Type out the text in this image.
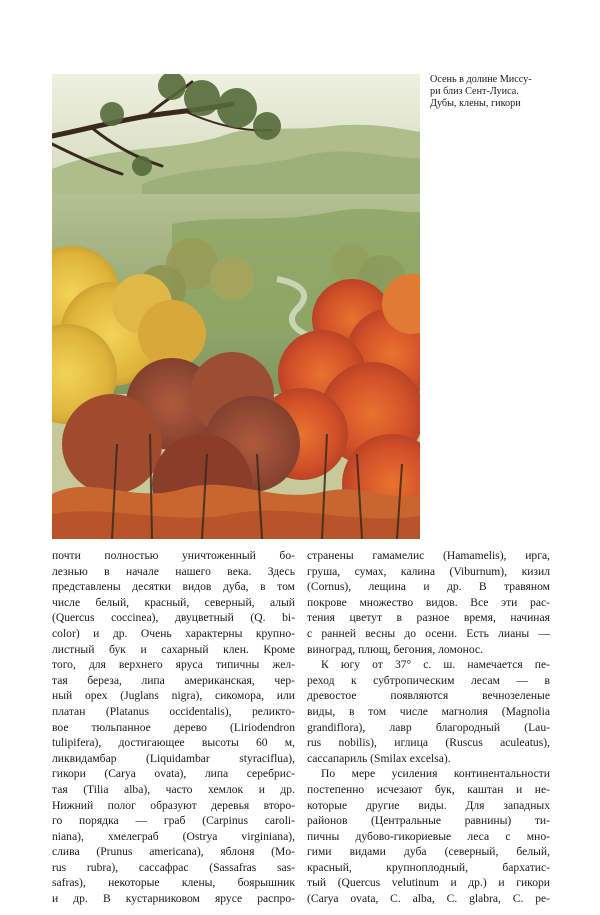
Осень в долине Миссу-
ри близ Сент-Луиса.
Дубы, клены, гикори
почти полностью уничтоженный бо-
лезнью в начале нашего века. Здесь
представлены десятки видов дуба, в том
числе белый, красный, северный, алый
(Quercus coccinea), двуцветный (Q. bi-
color) и др. Очень характерны крупно-
листный бук и сахарный клен. Кроме
того, для верхнего яруса типичны жел-
тая береза, липа американская, чер-
ный орех (Juglans nigra), сикомора, или
платан (Platanus occidentalis), реликто-
вое тюльпанное дерево (Liriodendron
tulipifera), достигающее высоты 60 м,
ликвидамбар (Liquidambar styraciflua),
гикори (Carya ovata), липа серебрис-
тая (Tilia alba), часто хемлок и др.
Нижний полог образуют деревья второ-
го порядка — граб (Carpinus caroli-
niana), хмелеграб (Ostrya virginiana),
слива (Prunus americana), яблоня (Mo-
rus rubra), сассафрас (Sassafras sas-
safras), некоторые клены, боярышник
и др. В кустарниковом ярусе распро-
странены гамамелис (Hamamelis), ирга,
груша, сумах, калина (Viburnum), кизил
(Cornus), лещина и др. В травяном
покрове множество видов. Все эти рас-
тения цветут в разное время, начиная
с ранней весны до осени. Есть лианы —
виноград, плющ, бегония, ломонос.
К югу от 37° с. ш. намечается пе-
реход к субтропическим лесам — в
древостое появляются вечнозеленые
виды, в том числе магнолия (Magnolia
grandiflora), лавр благородный (Lau-
rus nobilis), иглица (Ruscus aculeatus),
сассапариль (Smilax excelsa).
По мере усиления континентальности
постепенно исчезают бук, каштан и не-
которые другие виды. Для западных
районов (Центральные равнины) ти-
пичны дубово-гикориевые леса с мно-
гими видами дуба (северный, белый,
красный, крупноплодный, бархатис-
тый (Quercus velutinum и др.) и гикори
(Carya ovata, C. alba, C. glabra, C. pe-
